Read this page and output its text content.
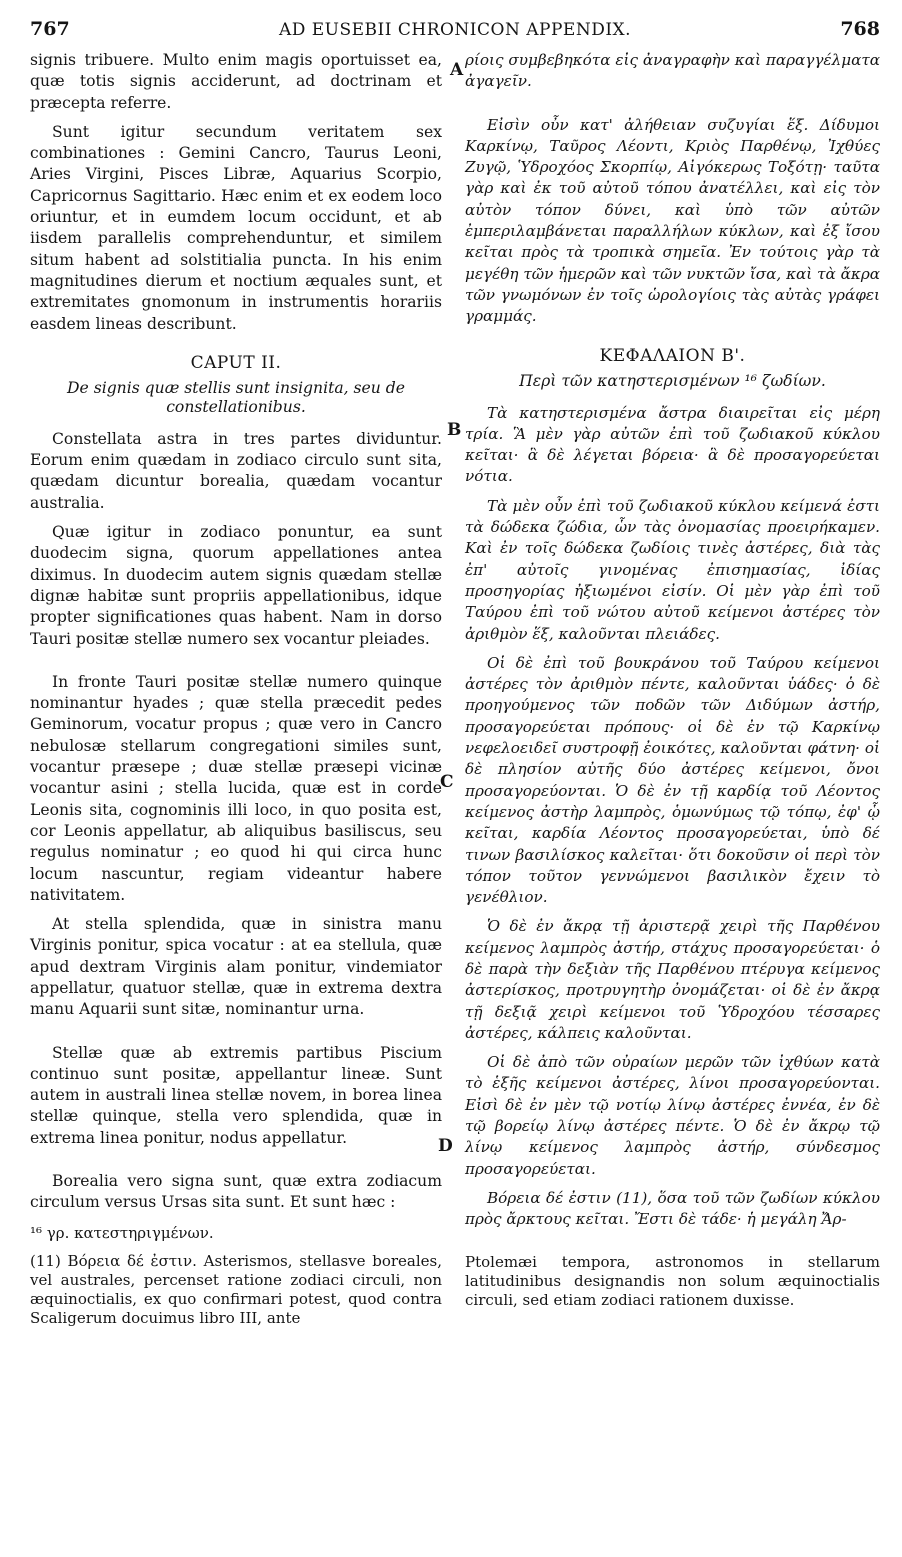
767	AD EUSEBII CHRONICON APPENDIX.	768
A
B
C
D

signis tribuere. Multo enim magis oportuisset ea, quæ totis signis acciderunt, ad doctrinam et præcepta referre.

Sunt igitur secundum veritatem sex combinationes : Gemini Cancro, Taurus Leoni, Aries Virgini, Pisces Libræ, Aquarius Scorpio, Capricornus Sagittario. Hæc enim et ex eodem loco oriuntur, et in eumdem locum occidunt, et ab iisdem parallelis comprehenduntur, et similem situm habent ad solstitialia puncta. In his enim magnitudines dierum et noctium æquales sunt, et extremitates gnomonum in instrumentis horariis easdem lineas describunt.

CAPUT II.
De signis quæ stellis sunt insignita, seu de constellationibus.

Constellata astra in tres partes dividuntur. Eorum enim quædam in zodiaco circulo sunt sita, quædam dicuntur borealia, quædam vocantur australia.

Quæ igitur in zodiaco ponuntur, ea sunt duodecim signa, quorum appellationes antea diximus. In duodecim autem signis quædam stellæ dignæ habitæ sunt propriis appellationibus, idque propter significationes quas habent. Nam in dorso Tauri positæ stellæ numero sex vocantur pleiades.

In fronte Tauri positæ stellæ numero quinque nominantur hyades ; quæ stella præcedit pedes Geminorum, vocatur propus ; quæ vero in Cancro nebulosæ stellarum congregationi similes sunt, vocantur præsepe ; duæ stellæ præsepi vicinæ vocantur asini ; stella lucida, quæ est in corde Leonis sita, cognominis illi loco, in quo posita est, cor Leonis appellatur, ab aliquibus basiliscus, seu regulus nominatur ; eo quod hi qui circa hunc locum nascuntur, regiam videantur habere nativitatem.

At stella splendida, quæ in sinistra manu Virginis ponitur, spica vocatur : at ea stellula, quæ apud dextram Virginis alam ponitur, vindemiator appellatur, quatuor stellæ, quæ in extrema dextra manu Aquarii sunt sitæ, nominantur urna.

Stellæ quæ ab extremis partibus Piscium continuo sunt positæ, appellantur lineæ. Sunt autem in australi linea stellæ novem, in borea linea stellæ quinque, stella vero splendida, quæ in extrema linea ponitur, nodus appellatur.

Borealia vero signa sunt, quæ extra zodiacum circulum versus Ursas sita sunt. Et sunt hæc :

¹⁶ γρ. κατεστηριγμένων.

(11) Βόρεια δέ ἐστιν. Asterismos, stellasve boreales, vel australes, percenset ratione zodiaci circuli, non æquinoctialis, ex quo confirmari potest, quod contra Scaligerum docuimus libro III, ante

ρίοις συμβεβηκότα εἰς ἀναγραφὴν καὶ παραγγέλματα ἀγαγεῖν.

Εἰσὶν οὖν κατ' ἀλήθειαν συζυγίαι ἕξ. Δίδυμοι Καρκίνῳ, Ταῦρος Λέοντι, Κριὸς Παρθένῳ, Ἰχθύες Ζυγῷ, Ὑδροχόος Σκορπίῳ, Αἰγόκερως Τοξότῃ· ταῦτα γὰρ καὶ ἐκ τοῦ αὐτοῦ τόπου ἀνατέλλει, καὶ εἰς τὸν αὐτὸν τόπον δύνει, καὶ ὑπὸ τῶν αὐτῶν ἐμπεριλαμβάνεται παραλλήλων κύκλων, καὶ ἐξ ἴσου κεῖται πρὸς τὰ τροπικὰ σημεῖα. Ἐν τούτοις γὰρ τὰ μεγέθη τῶν ἡμερῶν καὶ τῶν νυκτῶν ἴσα, καὶ τὰ ἄκρα τῶν γνωμόνων ἐν τοῖς ὡρολογίοις τὰς αὐτὰς γράφει γραμμάς.

ΚΕΦΑΛΑΙΟΝ Β'.
Περὶ τῶν κατηστερισμένων ¹⁶ ζωδίων.

Τὰ κατηστερισμένα ἄστρα διαιρεῖται εἰς μέρη τρία. Ἃ μὲν γὰρ αὐτῶν ἐπὶ τοῦ ζωδιακοῦ κύκλου κεῖται· ἃ δὲ λέγεται βόρεια· ἃ δὲ προσαγορεύεται νότια.

Τὰ μὲν οὖν ἐπὶ τοῦ ζωδιακοῦ κύκλου κείμενά ἐστι τὰ δώδεκα ζώδια, ὧν τὰς ὀνομασίας προειρήκαμεν. Καὶ ἐν τοῖς δώδεκα ζωδίοις τινὲς ἀστέρες, διὰ τὰς ἐπ' αὐτοῖς γινομένας ἐπισημασίας, ἰδίας προσηγορίας ἠξιωμένοι εἰσίν. Οἱ μὲν γὰρ ἐπὶ τοῦ Ταύρου ἐπὶ τοῦ νώτου αὐτοῦ κείμενοι ἀστέρες τὸν ἀριθμὸν ἕξ, καλοῦνται πλειάδες.

Οἱ δὲ ἐπὶ τοῦ βουκράνου τοῦ Ταύρου κείμενοι ἀστέρες τὸν ἀριθμὸν πέντε, καλοῦνται ὑάδες· ὁ δὲ προηγούμενος τῶν ποδῶν τῶν Διδύμων ἀστήρ, προσαγορεύεται πρόπους· οἱ δὲ ἐν τῷ Καρκίνῳ νεφελοειδεῖ συστροφῇ ἐοικότες, καλοῦνται φάτνη· οἱ δὲ πλησίον αὐτῆς δύο ἀστέρες κείμενοι, ὄνοι προσαγορεύονται. Ὁ δὲ ἐν τῇ καρδίᾳ τοῦ Λέοντος κείμενος ἀστὴρ λαμπρὸς, ὁμωνύμως τῷ τόπῳ, ἐφ' ᾧ κεῖται, καρδία Λέοντος προσαγορεύεται, ὑπὸ δέ τινων βασιλίσκος καλεῖται· ὅτι δοκοῦσιν οἱ περὶ τὸν τόπον τοῦτον γεννώμενοι βασιλικὸν ἔχειν τὸ γενέθλιον.

Ὁ δὲ ἐν ἄκρᾳ τῇ ἀριστερᾷ χειρὶ τῆς Παρθένου κείμενος λαμπρὸς ἀστήρ, στάχυς προσαγορεύεται· ὁ δὲ παρὰ τὴν δεξιὰν τῆς Παρθένου πτέρυγα κείμενος ἀστερίσκος, προτρυγητὴρ ὀνομάζεται· οἱ δὲ ἐν ἄκρᾳ τῇ δεξιᾷ χειρὶ κείμενοι τοῦ Ὑδροχόου τέσσαρες ἀστέρες, κάλπεις καλοῦνται.

Οἱ δὲ ἀπὸ τῶν οὐραίων μερῶν τῶν ἰχθύων κατὰ τὸ ἑξῆς κείμενοι ἀστέρες, λίνοι προσαγορεύονται. Εἰσὶ δὲ ἐν μὲν τῷ νοτίῳ λίνῳ ἀστέρες ἐννέα, ἐν δὲ τῷ βορείῳ λίνῳ ἀστέρες πέντε. Ὁ δὲ ἐν ἄκρῳ τῷ λίνῳ κείμενος λαμπρὸς ἀστήρ, σύνδεσμος προσαγορεύεται.

Βόρεια δέ ἐστιν (11), ὅσα τοῦ τῶν ζωδίων κύκλου πρὸς ἄρκτους κεῖται. Ἔστι δὲ τάδε· ἡ μεγάλη Ἄρ-

Ptolemæi tempora, astronomos in stellarum latitudinibus designandis non solum æquinoctialis circuli, sed etiam zodiaci rationem duxisse.
